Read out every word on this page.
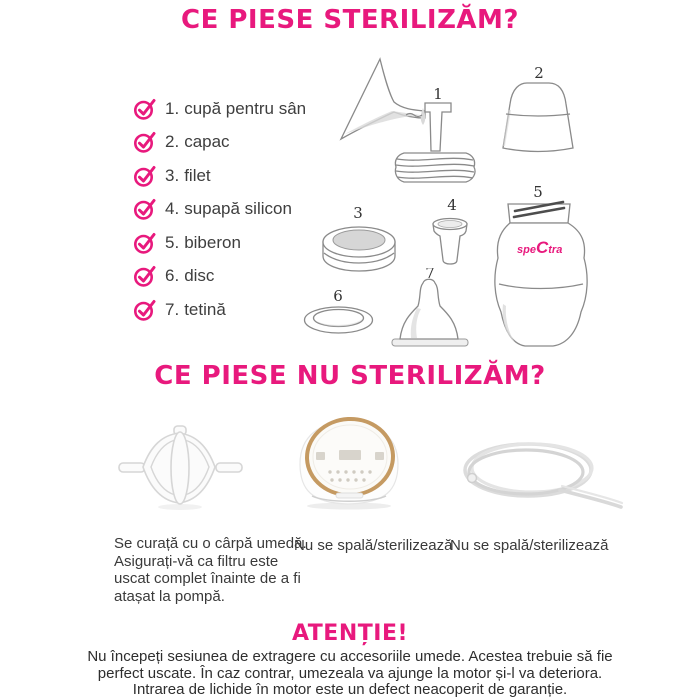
CE PIESE STERILIZĂM?
1. cupă pentru sân
2. capac
3. filet
4. supapă silicon
5. biberon
6. disc
7. tetină
1
2
3	4
speCtra
5
6
7
CE PIESE NU STERILIZĂM?
Se curață cu o cârpă umedă.
Asigurați-vă ca filtru este
uscat complet înainte de a fi
atașat la pompă.
Nu se spală/sterilizează
Nu se spală/sterilizează
ATENȚIE!
Nu începeți sesiunea de extragere cu accesoriile umede. Acestea trebuie să fie
perfect uscate. În caz contrar, umezeala va ajunge la motor și-l va deteriora.
Intrarea de lichide în motor este un defect neacoperit de garanție.
